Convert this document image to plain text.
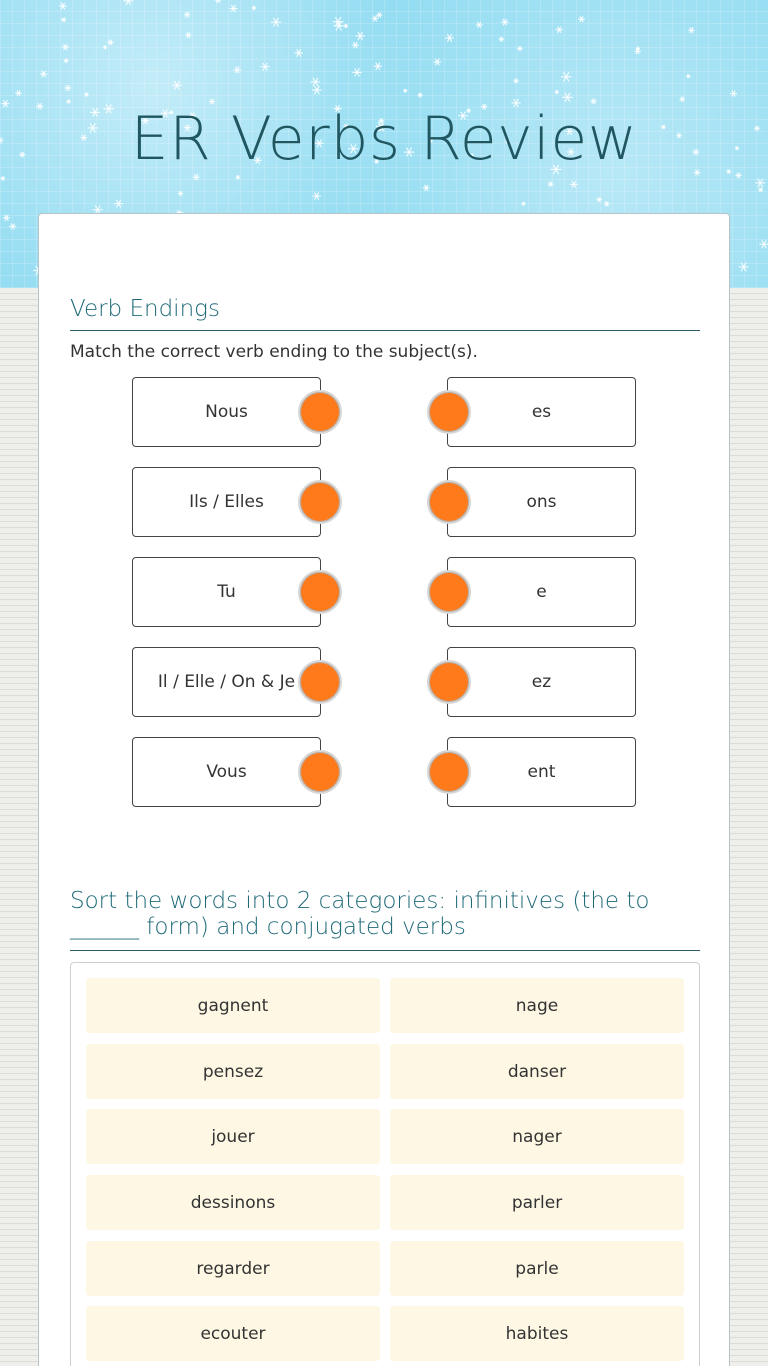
ER Verbs Review
Verb Endings

Match the correct verb ending to the subject(s).

Nous
Ils / Elles
Tu
Il / Elle / On & Je
Vous
es
ons
e
ez
ent
Sort the words into 2 categories: infinitives (the to
______ form) and conjugated verbs
gagnent	nage
pensez	danser
jouer	nager
dessinons	parler
regarder	parle
ecouter	habites
